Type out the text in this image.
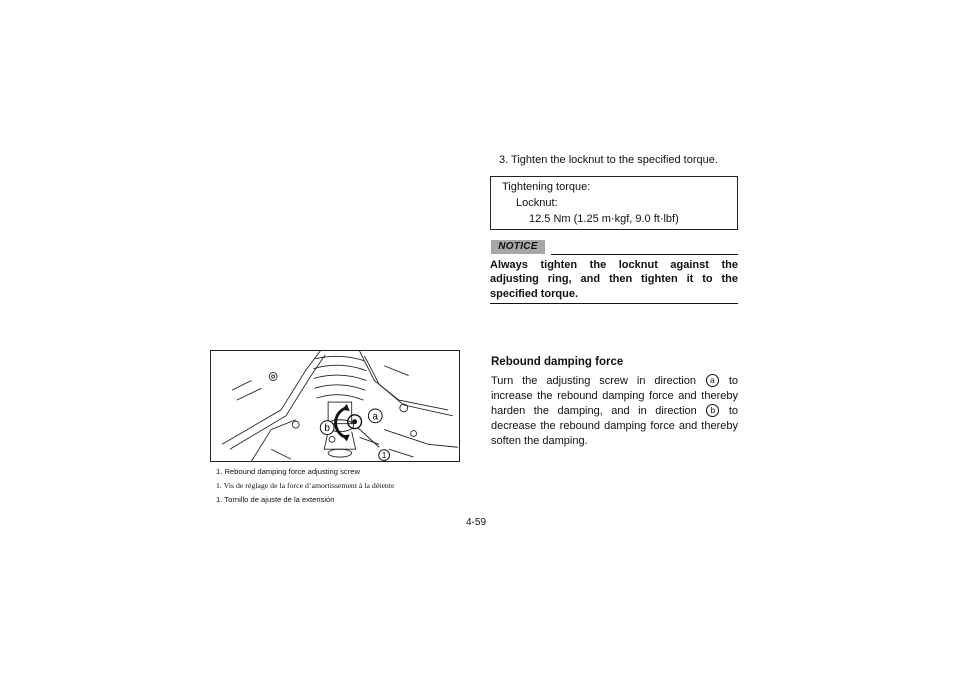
a
b
1
1. Rebound damping force adjusting screw
1. Vis de réglage de la force d’amortissement à la détente
1. Tornillo de ajuste de la extensión
3. Tighten the locknut to the specified torque.
Tightening torque:
Locknut:
12.5 Nm (1.25 m·kgf, 9.0 ft·lbf)
NOTICE
Always tighten the locknut against the adjusting ring, and then tighten it to the specified torque.
Rebound damping force
Turn the adjusting screw in direction a to increase the rebound damping force and thereby harden the damping, and in direction b to decrease the rebound damping force and thereby soften the damping.
4-59
